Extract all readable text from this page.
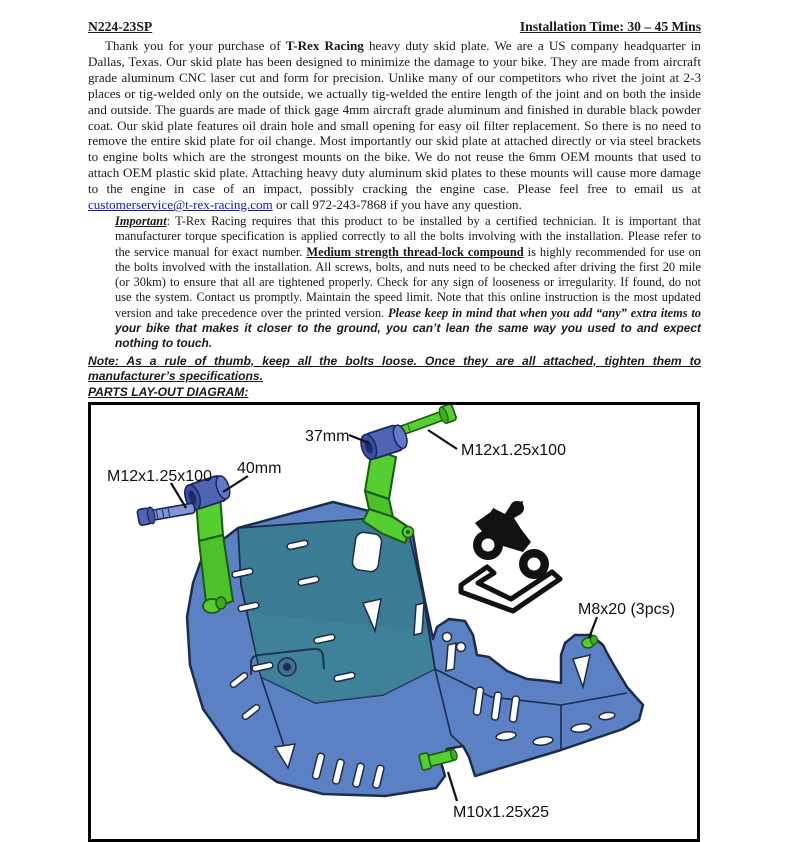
N224-23SP	Installation Time: 30 – 45 Mins

Thank you for your purchase of T-Rex Racing heavy duty skid plate. We are a US company headquarter in Dallas, Texas. Our skid plate has been designed to minimize the damage to your bike. They are made from aircraft grade aluminum CNC laser cut and form for precision. Unlike many of our competitors who rivet the joint at 2-3 places or tig-welded only on the outside, we actually tig-welded the entire length of the joint and on both the inside and outside. The guards are made of thick gage 4mm aircraft grade aluminum and finished in durable black powder coat. Our skid plate features oil drain hole and small opening for easy oil filter replacement. So there is no need to remove the entire skid plate for oil change. Most importantly our skid plate at attached directly or via steel brackets to engine bolts which are the strongest mounts on the bike. We do not reuse the 6mm OEM mounts that used to attach OEM plastic skid plate. Attaching heavy duty aluminum skid plates to these mounts will cause more damage to the engine in case of an impact, possibly cracking the engine case. Please feel free to email us at customerservice@t-rex-racing.com or call 972-243-7868 if you have any question.

Important: T-Rex Racing requires that this product to be installed by a certified technician. It is important that manufacturer torque specification is applied correctly to all the bolts involving with the installation. Please refer to the service manual for exact number. Medium strength thread-lock compound is highly recommended for use on the bolts involved with the installation. All screws, bolts, and nuts need to be checked after driving the first 20 mile (or 30km) to ensure that all are tightened properly. Check for any sign of looseness or irregularity. If found, do not use the system. Contact us promptly. Maintain the speed limit. Note that this online instruction is the most updated version and take precedence over the printed version. Please keep in mind that when you add “any” extra items to your bike that makes it closer to the ground, you can’t lean the same way you used to and expect nothing to touch.

Note: As a rule of thumb, keep all the bolts loose. Once they are all attached, tighten them to manufacturer’s specifications.

PARTS LAY-OUT DIAGRAM:

37mm
M12x1.25x100
M12x1.25x100 40mm
M8x20 (3pcs)
M10x1.25x25
